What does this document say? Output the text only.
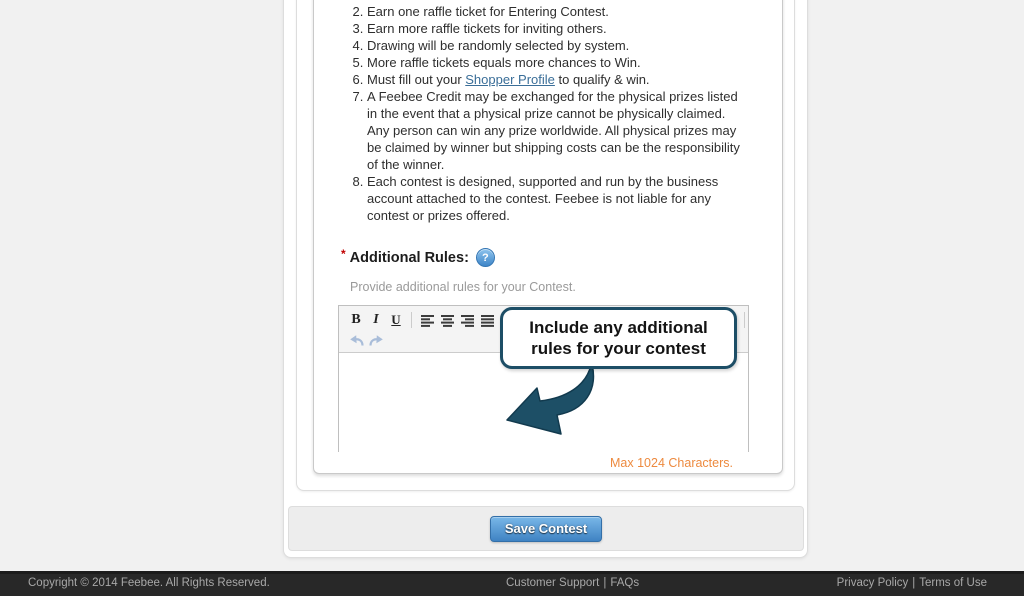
2. Earn one raffle ticket for Entering Contest.
3. Earn more raffle tickets for inviting others.
4. Drawing will be randomly selected by system.
5. More raffle tickets equals more chances to Win.
6. Must fill out your Shopper Profile to qualify & win.
7. A Feebee Credit may be exchanged for the physical prizes listed in the event that a physical prize cannot be physically claimed. Any person can win any prize worldwide. All physical prizes may be claimed by winner but shipping costs can be the responsibility of the winner.
8. Each contest is designed, supported and run by the business account attached to the contest. Feebee is not liable for any contest or prizes offered.
* Additional Rules:	?
Provide additional rules for your Contest.
B I U	Include any additional
rules for your contest
Max 1024 Characters.
Save Contest
Copyright © 2014 Feebee. All Rights Reserved.	Customer Support | FAQs	Privacy Policy | Terms of Use
